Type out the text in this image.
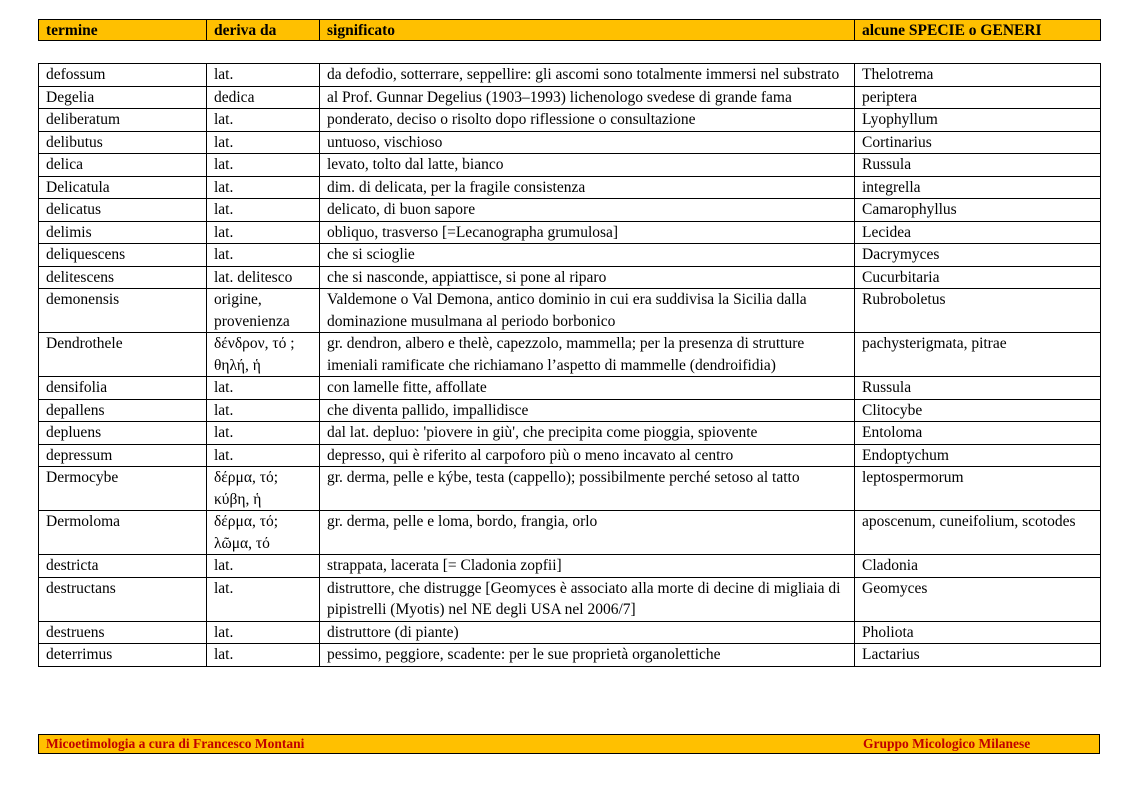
termine	deriva da	significato	alcune SPECIE o GENERI
defossum	lat.	da defodio, sotterrare, seppellire: gli ascomi sono totalmente immersi nel substrato	Thelotrema
Degelia	dedica	al Prof. Gunnar Degelius (1903–1993) lichenologo svedese di grande fama	periptera
deliberatum	lat.	ponderato, deciso o risolto dopo riflessione o consultazione	Lyophyllum
delibutus	lat.	untuoso, vischioso	Cortinarius
delica	lat.	levato, tolto dal latte, bianco	Russula
Delicatula	lat.	dim. di delicata, per la fragile consistenza	integrella
delicatus	lat.	delicato, di buon sapore	Camarophyllus
delimis	lat.	obliquo, trasverso [=Lecanographa grumulosa]	Lecidea
deliquescens	lat.	che si scioglie	Dacrymyces
delitescens	lat. delitesco	che si nasconde, appiattisce, si pone al riparo	Cucurbitaria
demonensis	origine, provenienza	Valdemone o Val Demona, antico dominio in cui era suddivisa la Sicilia dalla dominazione musulmana al periodo borbonico	Rubroboletus
Dendrothele	δένδρον, τό ; θηλή, ἡ	gr. dendron, albero e thelè, capezzolo, mammella; per la presenza di strutture imeniali ramificate che richiamano l’aspetto di mammelle (dendroifidia)	pachysterigmata, pitrae
densifolia	lat.	con lamelle fitte, affollate	Russula
depallens	lat.	che diventa pallido, impallidisce	Clitocybe
depluens	lat.	dal lat. depluo: 'piovere in giù', che precipita come pioggia, spiovente	Entoloma
depressum	lat.	depresso, qui è riferito al carpoforo più o meno incavato al centro	Endoptychum
Dermocybe	δέρμα, τό; κύβη, ἡ	gr. derma, pelle e kýbe, testa (cappello); possibilmente perché setoso al tatto	leptospermorum
Dermoloma	δέρμα, τό; λῶμα, τό	gr. derma, pelle e loma, bordo, frangia, orlo	aposcenum, cuneifolium, scotodes
destricta	lat.	strappata, lacerata [= Cladonia zopfii]	Cladonia
destructans	lat.	distruttore, che distrugge [Geomyces è associato alla morte di decine di migliaia di pipistrelli (Myotis) nel NE degli USA nel 2006/7]	Geomyces
destruens	lat.	distruttore (di piante)	Pholiota
deterrimus	lat.	pessimo, peggiore, scadente: per le sue proprietà organolettiche	Lactarius
Micoetimologia a cura di Francesco Montani	Gruppo Micologico Milanese
